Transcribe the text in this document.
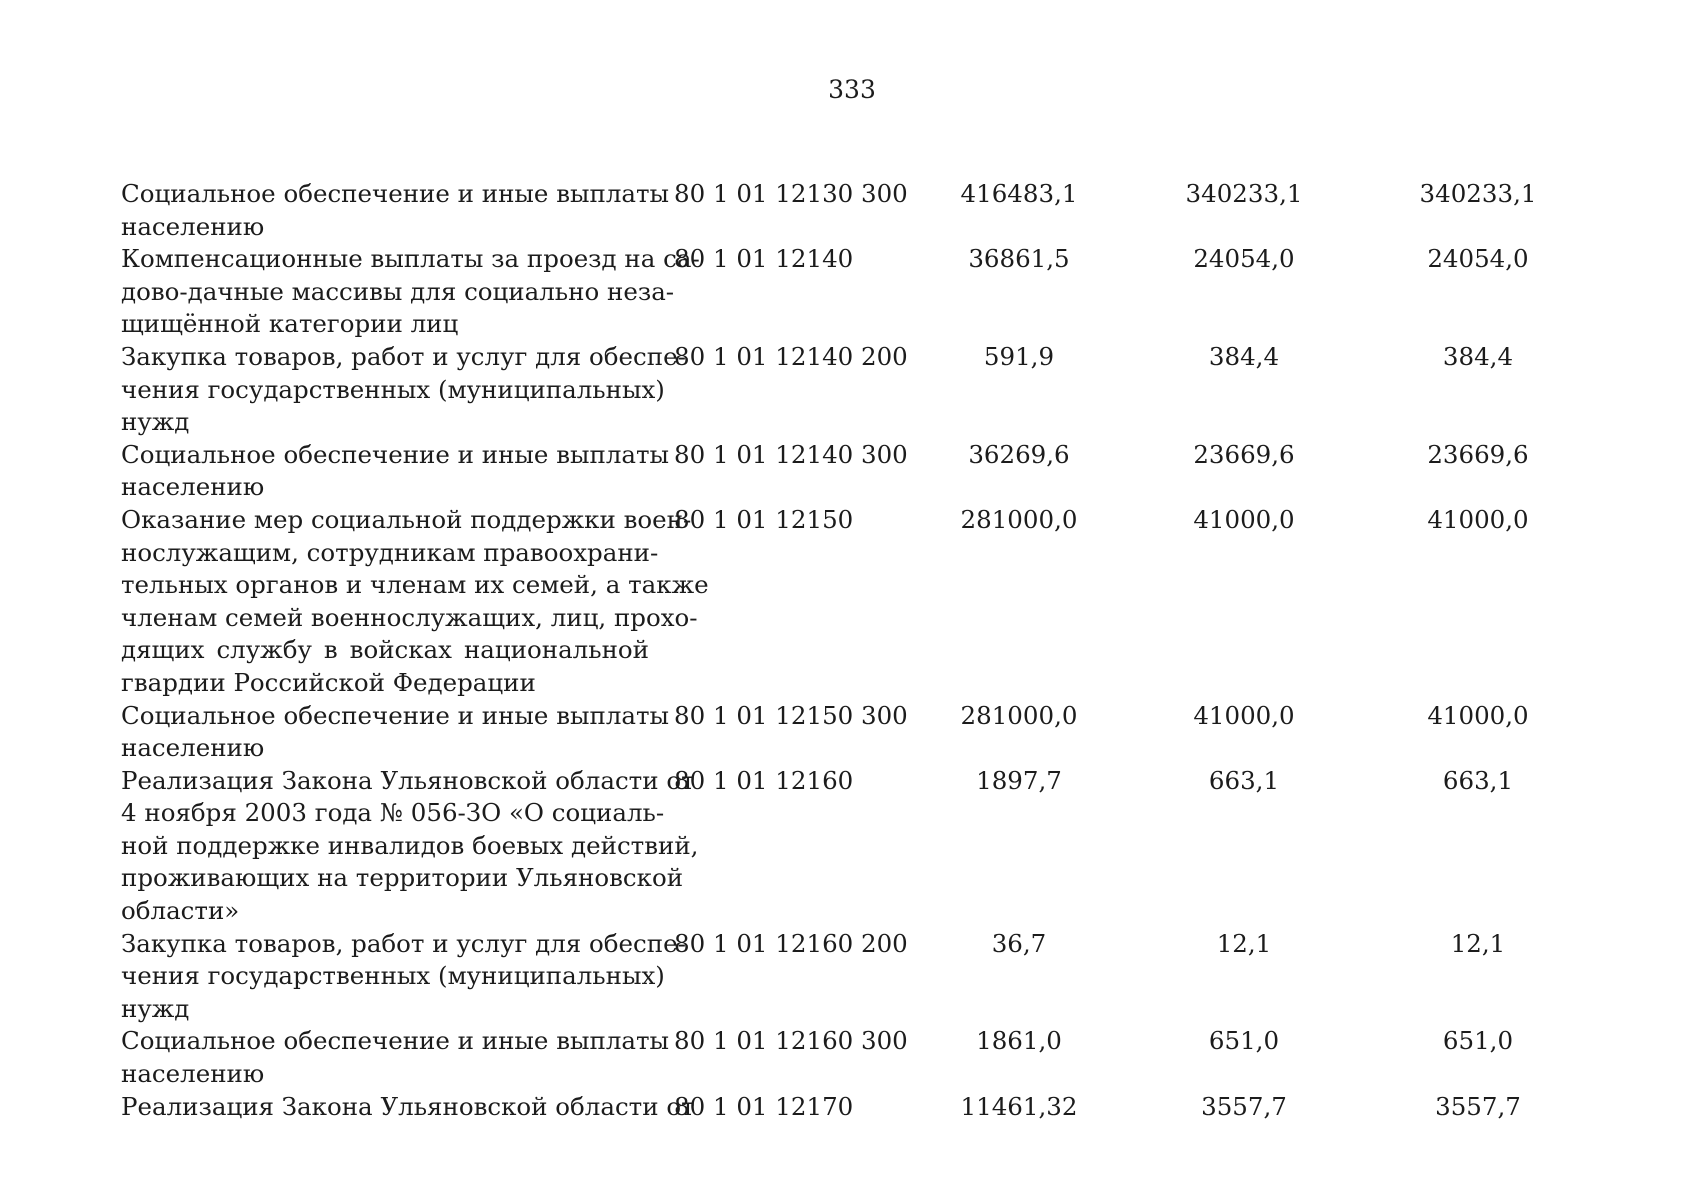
333
Социальное обеспечение и иные выплаты
населению
80 1 01 12130 300	416483,1	340233,1	340233,1
Компенсационные выплаты за проезд на са-
дово-дачные массивы для социально неза-
щищённой категории лиц
80 1 01 12140	36861,5	24054,0	24054,0
Закупка товаров, работ и услуг для обеспе-
чения государственных (муниципальных)
нужд
80 1 01 12140 200	591,9	384,4	384,4
Социальное обеспечение и иные выплаты
населению
80 1 01 12140 300	36269,6	23669,6	23669,6
Оказание мер социальной поддержки воен-
нослужащим, сотрудникам правоохрани-
тельных органов и членам их семей, а также
членам семей военнослужащих, лиц, прохо-
дящих службу в войсках национальной
гвардии Российской Федерации
80 1 01 12150	281000,0	41000,0	41000,0
Социальное обеспечение и иные выплаты
населению
80 1 01 12150 300	281000,0	41000,0	41000,0
Реализация Закона Ульяновской области от
4 ноября 2003 года № 056-ЗО «О социаль-
ной поддержке инвалидов боевых действий,
проживающих на территории Ульяновской
области»
80 1 01 12160	1897,7	663,1	663,1
Закупка товаров, работ и услуг для обеспе-
чения государственных (муниципальных)
нужд
80 1 01 12160 200	36,7	12,1	12,1
Социальное обеспечение и иные выплаты
населению
80 1 01 12160 300	1861,0	651,0	651,0
Реализация Закона Ульяновской области от
80 1 01 12170	11461,32	3557,7	3557,7
